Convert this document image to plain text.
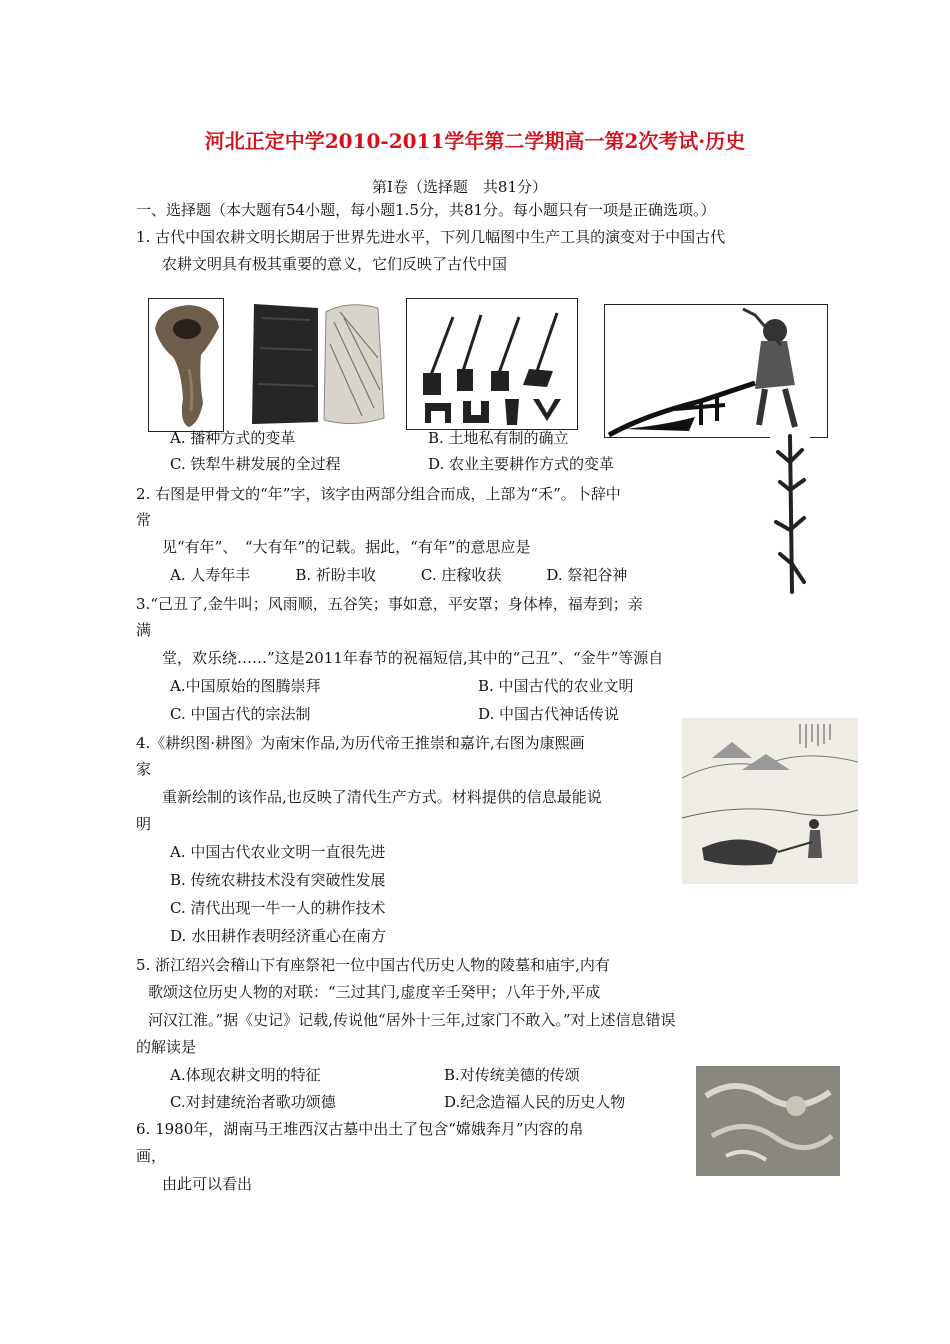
河北正定中学2010-2011学年第二学期高一第2次考试·历史
第Ⅰ卷（选择题　共81分）
一、选择题（本大题有54小题，每小题1.5分，共81分。每小题只有一项是正确选项。）
1. 古代中国农耕文明长期居于世界先进水平，下列几幅图中生产工具的演变对于中国古代
农耕文明具有极其重要的意义，它们反映了古代中国
A. 播种方式的变革	B. 土地私有制的确立
C. 铁犁牛耕发展的全过程	D. 农业主要耕作方式的变革
2. 右图是甲骨文的“年”字，该字由两部分组合而成，上部为“禾”。卜辞中
常
见“有年”、　“大有年”的记载。据此，“有年”的意思应是
A. 人寿年丰　　　B. 祈盼丰收　　　C. 庄稼收获　　　D. 祭祀谷神
3.“己丑了,金牛叫；风雨顺，五谷笑；事如意，平安罩；身体棒，福寿到；亲
满
堂，欢乐绕……”这是2011年春节的祝福短信,其中的“己丑”、“金牛”等源自
A.中国原始的图腾崇拜	B. 中国古代的农业文明
C. 中国古代的宗法制	D. 中国古代神话传说
4.《耕织图·耕图》为南宋作品,为历代帝王推崇和嘉许,右图为康熙画
家
重新绘制的该作品,也反映了清代生产方式。材料提供的信息最能说
明
A. 中国古代农业文明一直很先进
B. 传统农耕技术没有突破性发展
C. 清代出现一牛一人的耕作技术
D. 水田耕作表明经济重心在南方
5. 浙江绍兴会稽山下有座祭祀一位中国古代历史人物的陵墓和庙宇,内有
歌颂这位历史人物的对联：“三过其门,虚度辛壬癸甲；八年于外,平成
河汉江淮。”据《史记》记载,传说他“居外十三年,过家门不敢入。”对上述信息错误
的解读是
A.体现农耕文明的特征	B.对传统美德的传颂
C.对封建统治者歌功颂德	D.纪念造福人民的历史人物
6. 1980年，湖南马王堆西汉古墓中出土了包含“嫦娥奔月”内容的帛
画，
由此可以看出
